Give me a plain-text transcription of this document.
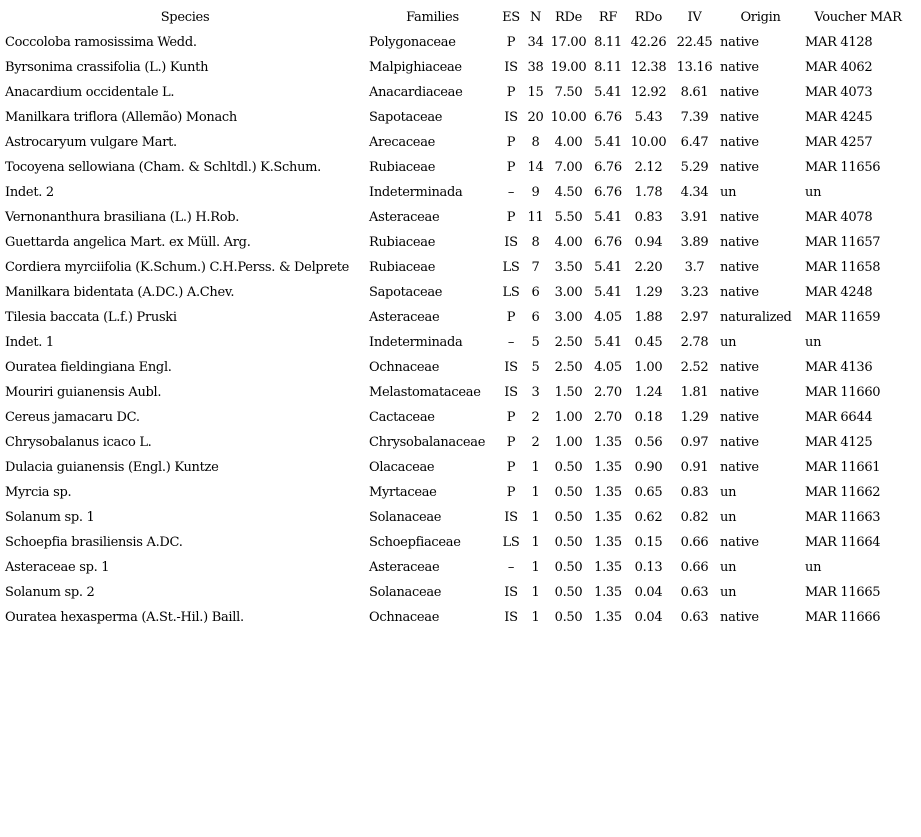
Species	Families	ES	N	RDe	RF	RDo	IV	Origin	Voucher MAR
Coccoloba ramosissima Wedd.	Polygonaceae	P	34	17.00	8.11	42.26	22.45	native	MAR 4128
Byrsonima crassifolia (L.) Kunth	Malpighiaceae	IS	38	19.00	8.11	12.38	13.16	native	MAR 4062
Anacardium occidentale L.	Anacardiaceae	P	15	7.50	5.41	12.92	8.61	native	MAR 4073
Manilkara triflora (Allemão) Monach	Sapotaceae	IS	20	10.00	6.76	5.43	7.39	native	MAR 4245
Astrocaryum vulgare Mart.	Arecaceae	P	8	4.00	5.41	10.00	6.47	native	MAR 4257
Tocoyena sellowiana (Cham. & Schltdl.) K.Schum.	Rubiaceae	P	14	7.00	6.76	2.12	5.29	native	MAR 11656
Indet. 2	Indeterminada	–	9	4.50	6.76	1.78	4.34	un	un
Vernonanthura brasiliana (L.) H.Rob.	Asteraceae	P	11	5.50	5.41	0.83	3.91	native	MAR 4078
Guettarda angelica Mart. ex Müll. Arg.	Rubiaceae	IS	8	4.00	6.76	0.94	3.89	native	MAR 11657
Cordiera myrciifolia (K.Schum.) C.H.Perss. & Delprete	Rubiaceae	LS	7	3.50	5.41	2.20	3.7	native	MAR 11658
Manilkara bidentata (A.DC.) A.Chev.	Sapotaceae	LS	6	3.00	5.41	1.29	3.23	native	MAR 4248
Tilesia baccata (L.f.) Pruski	Asteraceae	P	6	3.00	4.05	1.88	2.97	naturalized	MAR 11659
Indet. 1	Indeterminada	–	5	2.50	5.41	0.45	2.78	un	un
Ouratea fieldingiana Engl.	Ochnaceae	IS	5	2.50	4.05	1.00	2.52	native	MAR 4136
Mouriri guianensis Aubl.	Melastomataceae	IS	3	1.50	2.70	1.24	1.81	native	MAR 11660
Cereus jamacaru DC.	Cactaceae	P	2	1.00	2.70	0.18	1.29	native	MAR 6644
Chrysobalanus icaco L.	Chrysobalanaceae	P	2	1.00	1.35	0.56	0.97	native	MAR 4125
Dulacia guianensis (Engl.) Kuntze	Olacaceae	P	1	0.50	1.35	0.90	0.91	native	MAR 11661
Myrcia sp.	Myrtaceae	P	1	0.50	1.35	0.65	0.83	un	MAR 11662
Solanum sp. 1	Solanaceae	IS	1	0.50	1.35	0.62	0.82	un	MAR 11663
Schoepfia brasiliensis A.DC.	Schoepfiaceae	LS	1	0.50	1.35	0.15	0.66	native	MAR 11664
Asteraceae sp. 1	Asteraceae	–	1	0.50	1.35	0.13	0.66	un	un
Solanum sp. 2	Solanaceae	IS	1	0.50	1.35	0.04	0.63	un	MAR 11665
Ouratea hexasperma (A.St.-Hil.) Baill.	Ochnaceae	IS	1	0.50	1.35	0.04	0.63	native	MAR 11666
